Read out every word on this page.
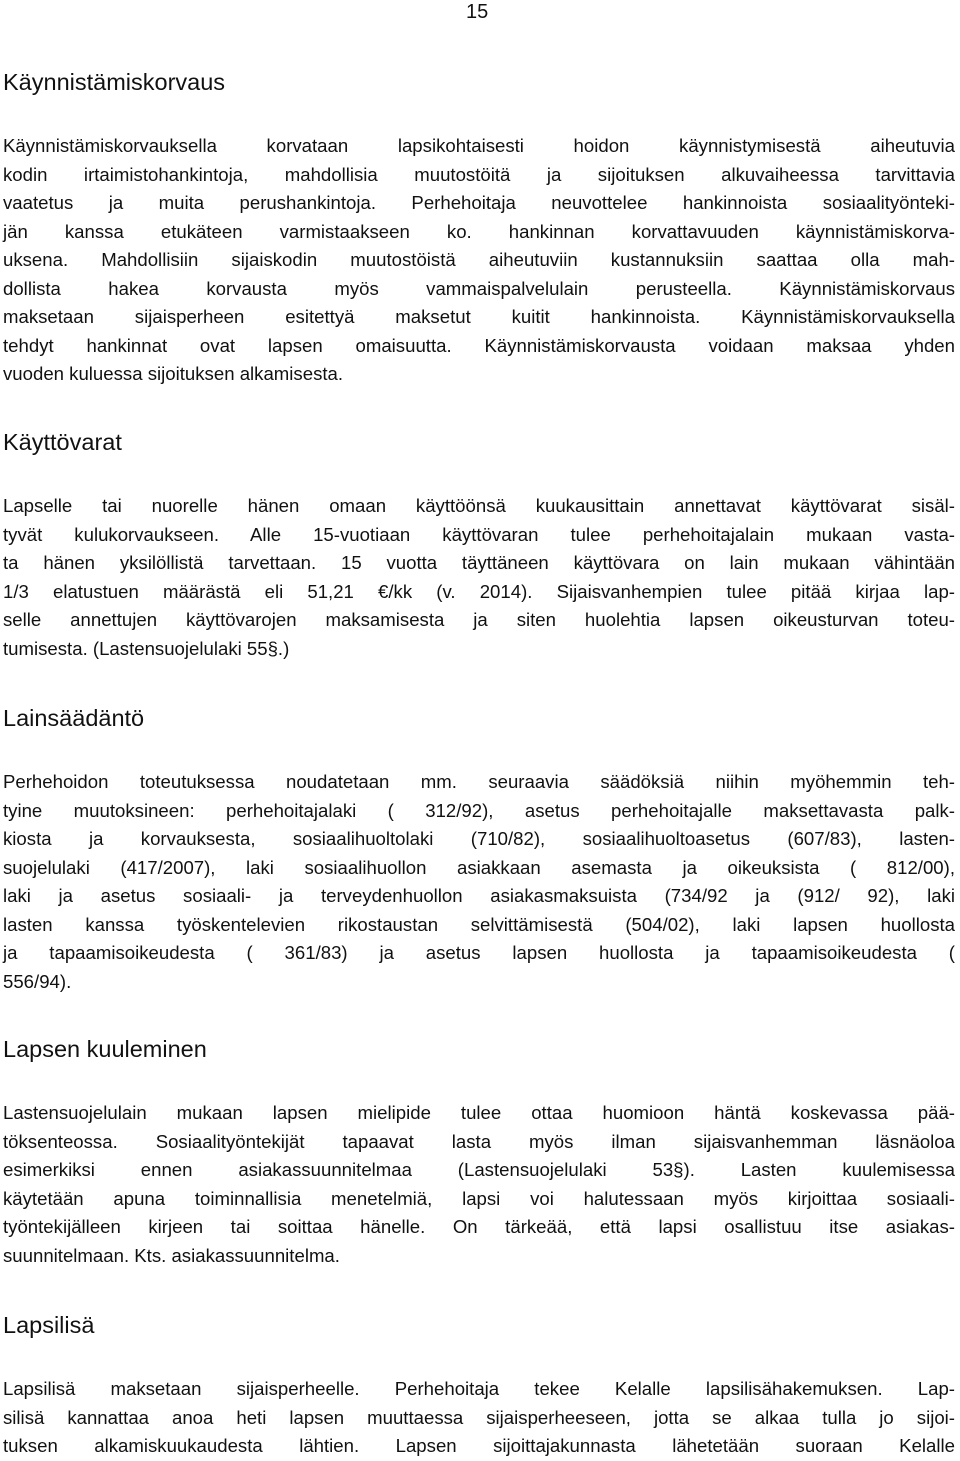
15
Käynnistämiskorvaus

Käynnistämiskorvauksella korvataan lapsikohtaisesti hoidon käynnistymisestä aiheutuvia
kodin irtaimistohankintoja, mahdollisia muutostöitä ja sijoituksen alkuvaiheessa tarvittavia
vaatetus ja muita perushankintoja. Perhehoitaja neuvottelee hankinnoista sosiaalityönteki-
jän kanssa etukäteen varmistaakseen ko. hankinnan korvattavuuden käynnistämiskorva-
uksena. Mahdollisiin sijaiskodin muutostöistä aiheutuviin kustannuksiin saattaa olla mah-
dollista hakea korvausta myös vammaispalvelulain perusteella. Käynnistämiskorvaus
maksetaan sijaisperheen esitettyä maksetut kuitit hankinnoista. Käynnistämiskorvauksella
tehdyt hankinnat ovat lapsen omaisuutta. Käynnistämiskorvausta voidaan maksaa yhden
vuoden kuluessa sijoituksen alkamisesta.

Käyttövarat

Lapselle tai nuorelle hänen omaan käyttöönsä kuukausittain annettavat käyttövarat sisäl-
tyvät kulukorvaukseen. Alle 15-vuotiaan käyttövaran tulee perhehoitajalain mukaan vasta-
ta hänen yksilöllistä tarvettaan. 15 vuotta täyttäneen käyttövara on lain mukaan vähintään
1/3 elatustuen määrästä eli 51,21 €/kk (v. 2014). Sijaisvanhempien tulee pitää kirjaa lap-
selle annettujen käyttövarojen maksamisesta ja siten huolehtia lapsen oikeusturvan toteu-
tumisesta. (Lastensuojelulaki 55§.)

Lainsäädäntö

Perhehoidon toteutuksessa noudatetaan mm. seuraavia säädöksiä niihin myöhemmin teh-
tyine muutoksineen: perhehoitajalaki ( 312/92), asetus perhehoitajalle maksettavasta palk-
kiosta ja korvauksesta, sosiaalihuoltolaki (710/82), sosiaalihuoltoasetus (607/83), lasten-
suojelulaki (417/2007), laki sosiaalihuollon asiakkaan asemasta ja oikeuksista ( 812/00),
laki ja asetus sosiaali- ja terveydenhuollon asiakasmaksuista (734/92 ja (912/ 92), laki
lasten kanssa työskentelevien rikostaustan selvittämisestä (504/02), laki lapsen huollosta
ja tapaamisoikeudesta ( 361/83) ja asetus lapsen huollosta ja tapaamisoikeudesta (
556/94).

Lapsen kuuleminen

Lastensuojelulain mukaan lapsen mielipide tulee ottaa huomioon häntä koskevassa pää-
töksenteossa. Sosiaalityöntekijät tapaavat lasta myös ilman sijaisvanhemman läsnäoloa
esimerkiksi ennen asiakassuunnitelmaa (Lastensuojelulaki 53§). Lasten kuulemisessa
käytetään apuna toiminnallisia menetelmiä, lapsi voi halutessaan myös kirjoittaa sosiaali-
työntekijälleen kirjeen tai soittaa hänelle. On tärkeää, että lapsi osallistuu itse asiakas-
suunnitelmaan. Kts. asiakassuunnitelma.

Lapsilisä

Lapsilisä maksetaan sijaisperheelle. Perhehoitaja tekee Kelalle lapsilisähakemuksen. Lap-
silisä kannattaa anoa heti lapsen muuttaessa sijaisperheeseen, jotta se alkaa tulla jo sijoi-
tuksen alkamiskuukaudesta lähtien. Lapsen sijoittajakunnasta lähetetään suoraan Kelalle
